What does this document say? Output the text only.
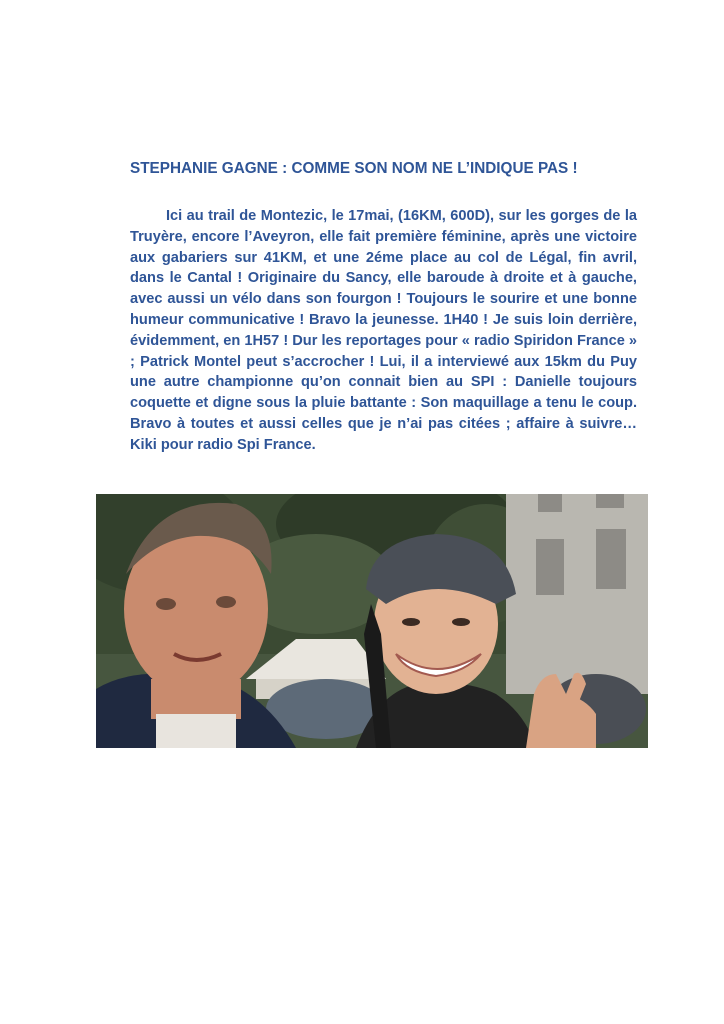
STEPHANIE GAGNE : COMME SON NOM NE L’INDIQUE PAS !

Ici au trail de Montezic, le 17mai, (16KM, 600D), sur les gorges de la Truyère, encore l’Aveyron, elle fait première féminine, après une victoire aux gabariers sur 41KM, et une 2éme place au col de Légal, fin avril, dans le Cantal ! Originaire du Sancy, elle baroude à droite et à gauche, avec aussi un vélo dans son fourgon ! Toujours le sourire et une bonne humeur communicative ! Bravo la jeunesse. 1H40 ! Je suis loin derrière, évidemment, en 1H57 ! Dur les reportages pour « radio Spiridon France » ; Patrick Montel peut s’accrocher ! Lui, il a interviewé aux 15km du Puy une autre championne qu’on connait bien au SPI : Danielle toujours coquette et digne sous la pluie battante : Son maquillage a tenu le coup. Bravo à toutes et aussi celles que je n’ai pas citées ; affaire à suivre…Kiki pour radio Spi France.
